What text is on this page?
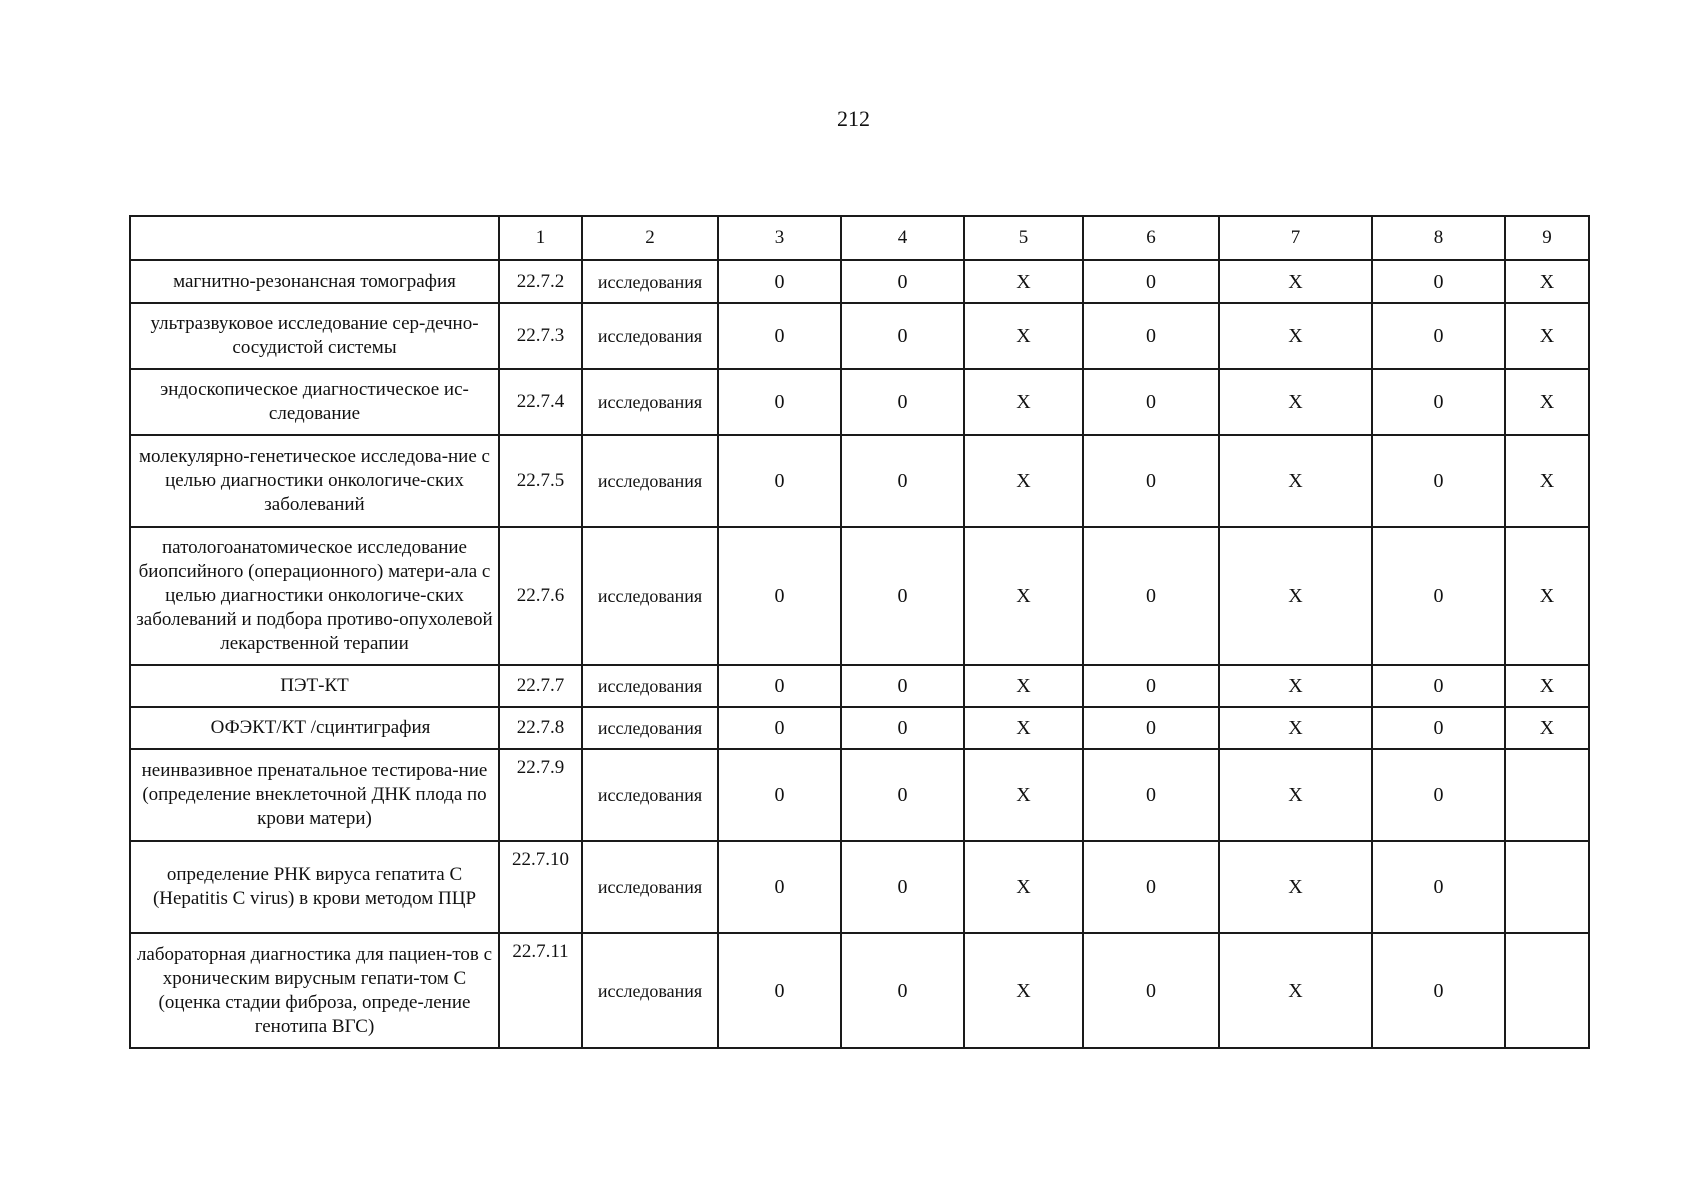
212
	1	2	3	4	5	6	7	8	9
магнитно-резонансная томография	22.7.2	исследования	0	0	X	0	X	0	X
ультразвуковое исследование сер-дечно-сосудистой системы	22.7.3	исследования	0	0	X	0	X	0	X
эндоскопическое диагностическое ис-следование	22.7.4	исследования	0	0	X	0	X	0	X
молекулярно-генетическое исследова-ние с целью диагностики онкологиче-ских заболеваний	22.7.5	исследования	0	0	X	0	X	0	X
патологоанатомическое исследование биопсийного (операционного) матери-ала с целью диагностики онкологиче-ских заболеваний и подбора противо-опухолевой лекарственной терапии	22.7.6	исследования	0	0	X	0	X	0	X
ПЭТ-КТ	22.7.7	исследования	0	0	X	0	X	0	X
ОФЭКТ/КТ /сцинтиграфия	22.7.8	исследования	0	0	X	0	X	0	X
неинвазивное пренатальное тестирова-ние (определение внеклеточной ДНК плода по крови матери)	22.7.9	исследования	0	0	X	0	X	0	
определение РНК вируса гепатита С (Hepatitis С virus) в крови методом ПЦР	22.7.10	исследования	0	0	X	0	X	0	
лабораторная диагностика для пациен-тов с хроническим вирусным гепати-том С (оценка стадии фиброза, опреде-ление генотипа ВГС)	22.7.11	исследования	0	0	X	0	X	0	
